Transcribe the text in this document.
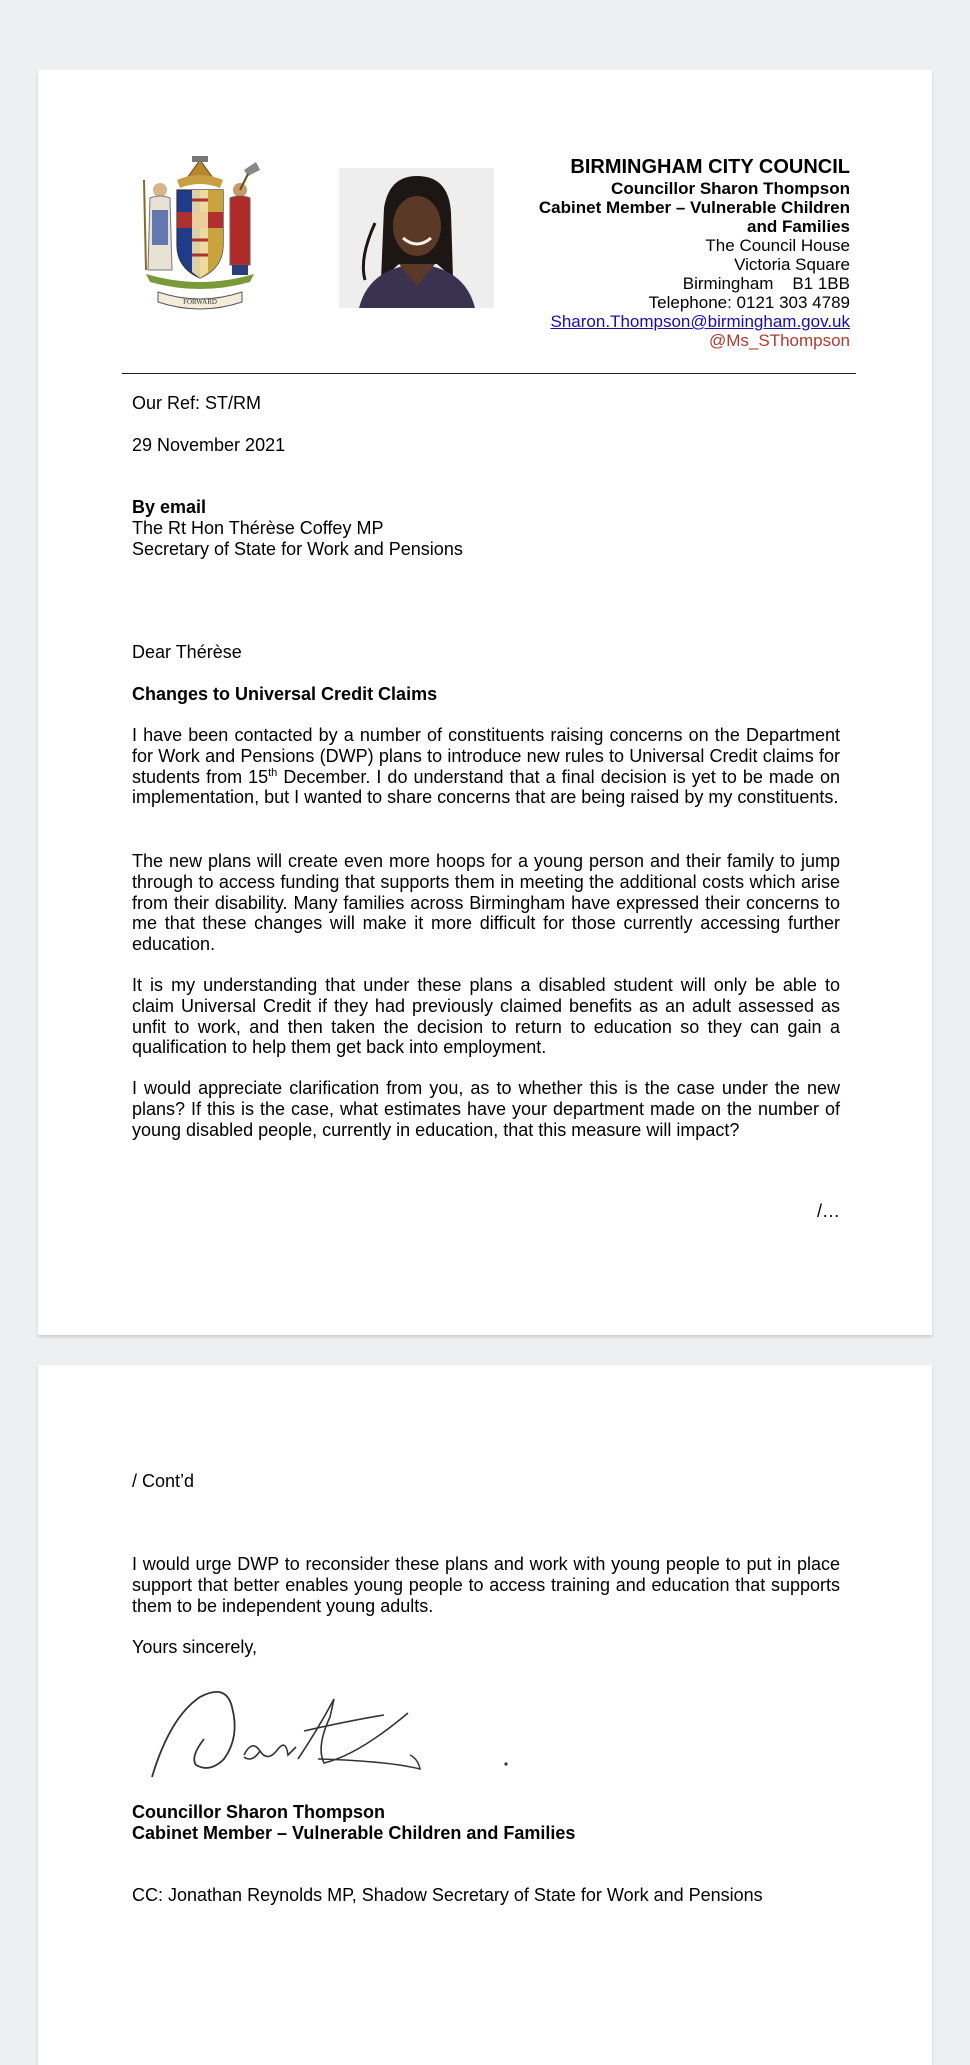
FORWARD
BIRMINGHAM CITY COUNCIL
Councillor Sharon Thompson
Cabinet Member – Vulnerable Children
and Families
The Council House
Victoria Square
Birmingham    B1 1BB
Telephone: 0121 303 4789
Sharon.Thompson@birmingham.gov.uk
@Ms_SThompson
Our Ref: ST/RM
29 November 2021
By email
The Rt Hon Thérèse Coffey MP
Secretary of State for Work and Pensions
Dear Thérèse
Changes to Universal Credit Claims
I have been contacted by a number of constituents raising concerns on the Department for Work and Pensions (DWP) plans to introduce new rules to Universal Credit claims for students from 15th December. I do understand that a final decision is yet to be made on implementation, but I wanted to share concerns that are being raised by my constituents.
The new plans will create even more hoops for a young person and their family to jump through to access funding that supports them in meeting the additional costs which arise from their disability. Many families across Birmingham have expressed their concerns to me that these changes will make it more difficult for those currently accessing further education.
It is my understanding that under these plans a disabled student will only be able to claim Universal Credit if they had previously claimed benefits as an adult assessed as unfit to work, and then taken the decision to return to education so they can gain a qualification to help them get back into employment.
I would appreciate clarification from you, as to whether this is the case under the new plans? If this is the case, what estimates have your department made on the number of young disabled people, currently in education, that this measure will impact?
/…
/ Cont’d
I would urge DWP to reconsider these plans and work with young people to put in place support that better enables young people to access training and education that supports them to be independent young adults.
Yours sincerely,
Councillor Sharon Thompson
Cabinet Member – Vulnerable Children and Families
CC: Jonathan Reynolds MP, Shadow Secretary of State for Work and Pensions
